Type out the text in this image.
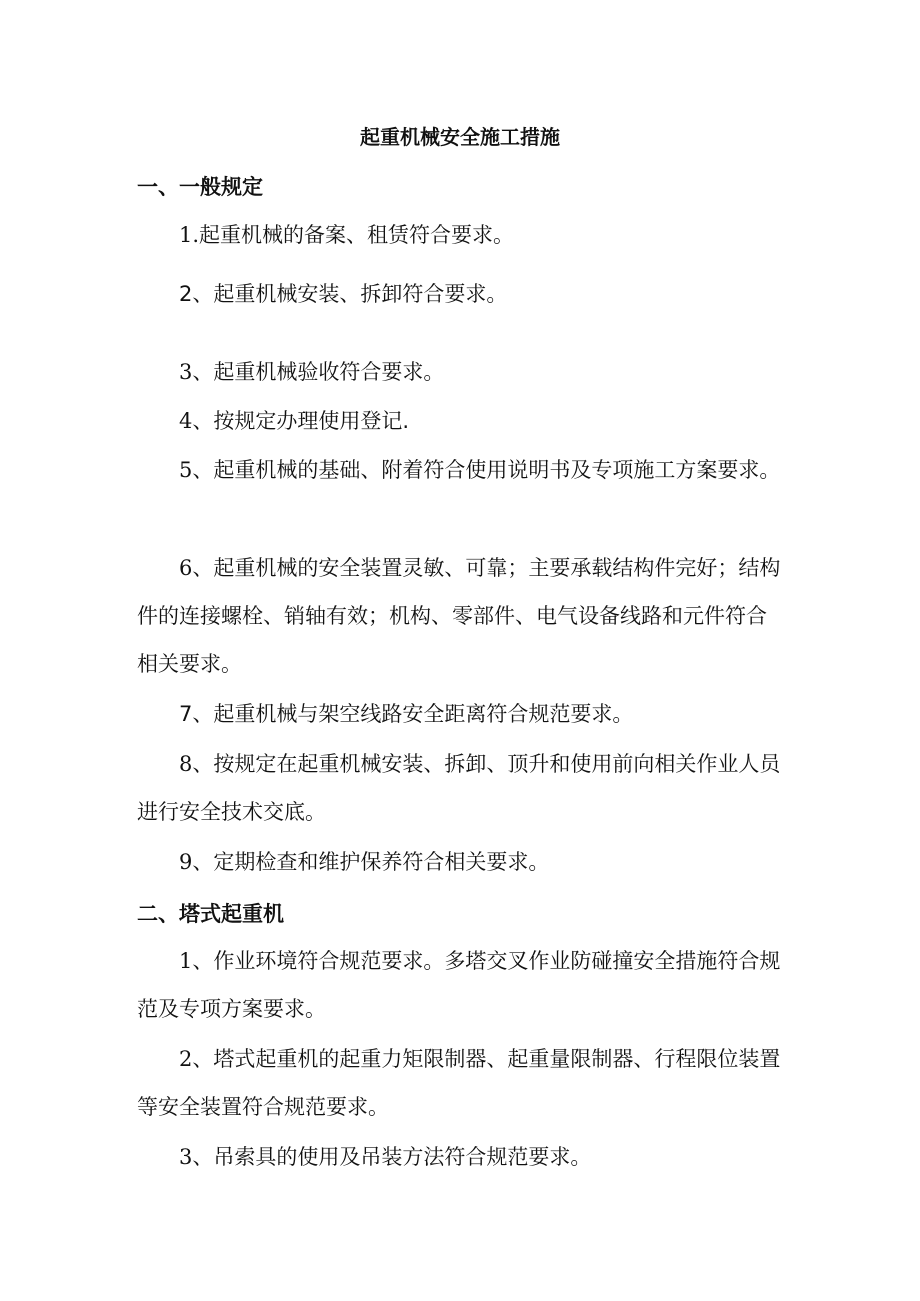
起重机械安全施工措施
一、一般规定

1.起重机械的备案、租赁符合要求。

2、起重机械安装、拆卸符合要求。

3、起重机械验收符合要求。

4、按规定办理使用登记.

5、起重机械的基础、附着符合使用说明书及专项施工方案要求。

6、起重机械的安全装置灵敏、可靠；主要承载结构件完好；结构件的连接螺栓、销轴有效；机构、零部件、电气设备线路和元件符合相关要求。

7、起重机械与架空线路安全距离符合规范要求。

8、按规定在起重机械安装、拆卸、顶升和使用前向相关作业人员进行安全技术交底。

9、定期检查和维护保养符合相关要求。

二、塔式起重机

1、作业环境符合规范要求。多塔交叉作业防碰撞安全措施符合规范及专项方案要求。

2、塔式起重机的起重力矩限制器、起重量限制器、行程限位装置等安全装置符合规范要求。

3、吊索具的使用及吊装方法符合规范要求。
